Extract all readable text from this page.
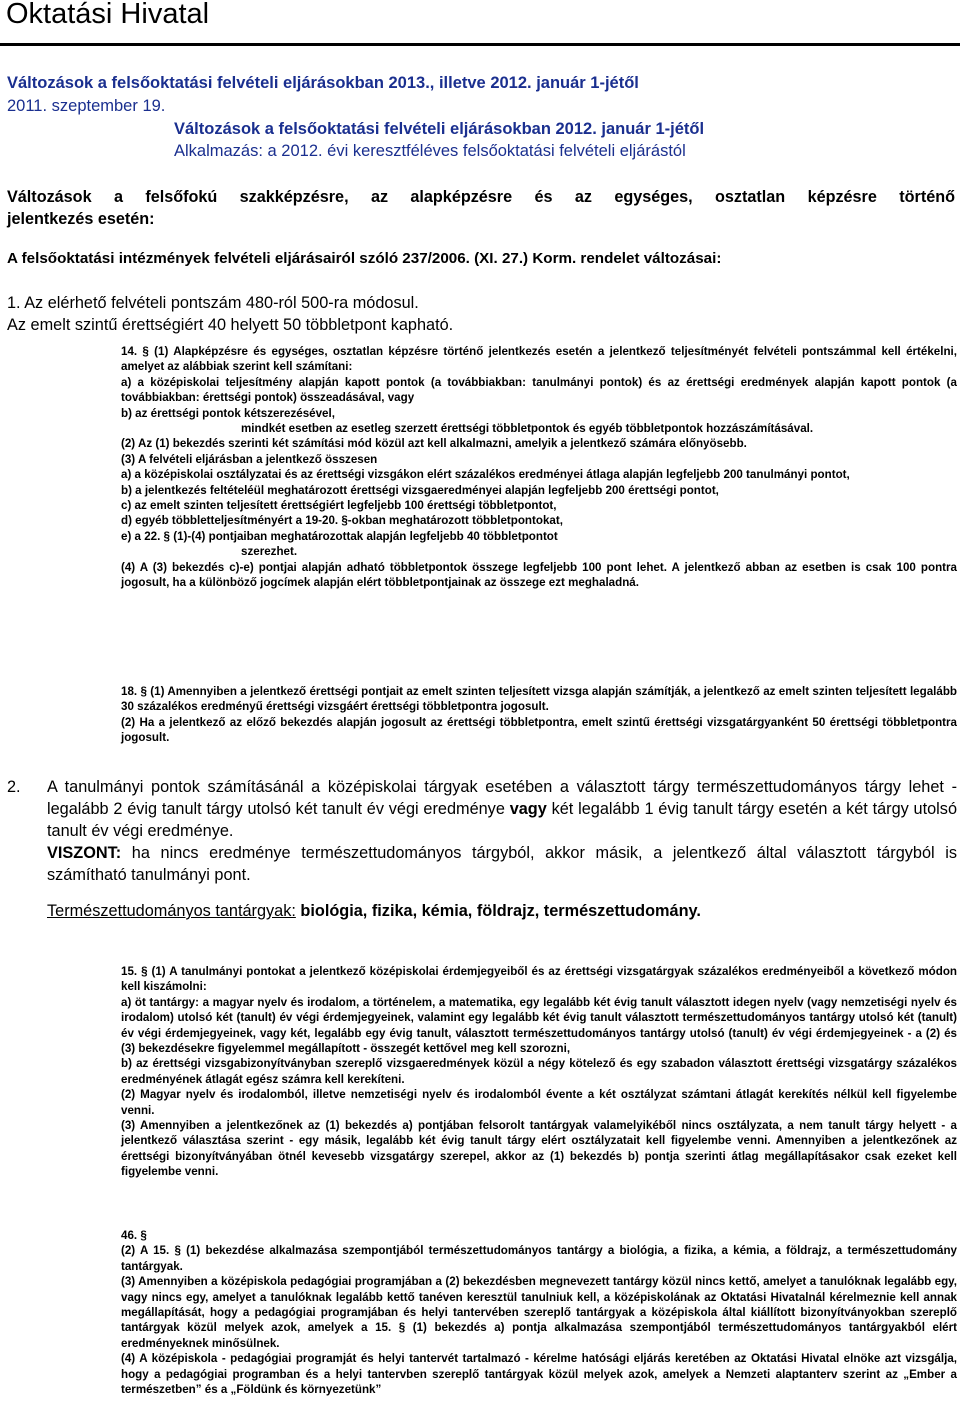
Oktatási Hivatal
Változások a felsőoktatási felvételi eljárásokban 2013., illetve 2012. január 1-jétől
2011. szeptember 19.
Változások a felsőoktatási felvételi eljárásokban 2012. január 1-jétől
Alkalmazás: a 2012. évi keresztféléves felsőoktatási felvételi eljárástól
Változások a felsőfokú szakképzésre, az alapképzésre és az egységes, osztatlan képzésre történő
jelentkezés esetén:
A felsőoktatási intézmények felvételi eljárásairól szóló 237/2006. (XI. 27.) Korm. rendelet változásai:
1. Az elérhető felvételi pontszám 480-ról 500-ra módosul.
Az emelt szintű érettségiért 40 helyett 50 többletpont kapható.
14. § (1) Alapképzésre és egységes, osztatlan képzésre történő jelentkezés esetén a jelentkező teljesítményét felvételi pontszámmal kell értékelni, amelyet az alábbiak szerint kell számítani:
a) a középiskolai teljesítmény alapján kapott pontok (a továbbiakban: tanulmányi pontok) és az érettségi eredmények alapján kapott pontok (a továbbiakban: érettségi pontok) összeadásával, vagy
b) az érettségi pontok kétszerezésével,
mindkét esetben az esetleg szerzett érettségi többletpontok és egyéb többletpontok hozzászámításával.
(2) Az (1) bekezdés szerinti két számítási mód közül azt kell alkalmazni, amelyik a jelentkező számára előnyösebb.
(3) A felvételi eljárásban a jelentkező összesen
a) a középiskolai osztályzatai és az érettségi vizsgákon elért százalékos eredményei átlaga alapján legfeljebb 200 tanulmányi pontot,
b) a jelentkezés feltételéül meghatározott érettségi vizsgaeredményei alapján legfeljebb 200 érettségi pontot,
c) az emelt szinten teljesített érettségiért legfeljebb 100 érettségi többletpontot,
d) egyéb többletteljesítményért a 19-20. §-okban meghatározott többletpontokat,
e) a 22. § (1)-(4) pontjaiban meghatározottak alapján legfeljebb 40 többletpontot
szerezhet.
(4) A (3) bekezdés c)-e) pontjai alapján adható többletpontok összege legfeljebb 100 pont lehet. A jelentkező abban az esetben is csak 100 pontra jogosult, ha a különböző jogcímek alapján elért többletpontjainak az összege ezt meghaladná.
18. § (1) Amennyiben a jelentkező érettségi pontjait az emelt szinten teljesített vizsga alapján számítják, a jelentkező az emelt szinten teljesített legalább 30 százalékos eredményű érettségi vizsgáért érettségi többletpontra jogosult.
(2) Ha a jelentkező az előző bekezdés alapján jogosult az érettségi többletpontra, emelt szintű érettségi vizsgatárgyanként 50 érettségi többletpontra jogosult.
2.	A tanulmányi pontok számításánál a középiskolai tárgyak esetében a választott tárgy természettudományos tárgy lehet - legalább 2 évig tanult tárgy utolsó két tanult év végi eredménye vagy két legalább 1 évig tanult tárgy esetén a két tárgy utolsó tanult év végi eredménye.
VISZONT: ha nincs eredménye természettudományos tárgyból, akkor másik, a jelentkező által választott tárgyból is számítható tanulmányi pont.
Természettudományos tantárgyak: biológia, fizika, kémia, földrajz, természettudomány.
15. § (1) A tanulmányi pontokat a jelentkező középiskolai érdemjegyeiből és az érettségi vizsgatárgyak százalékos eredményeiből a következő módon kell kiszámolni:
a) öt tantárgy: a magyar nyelv és irodalom, a történelem, a matematika, egy legalább két évig tanult választott idegen nyelv (vagy nemzetiségi nyelv és irodalom) utolsó két (tanult) év végi érdemjegyeinek, valamint egy legalább két évig tanult választott természettudományos tantárgy utolsó két (tanult) év végi érdemjegyeinek, vagy két, legalább egy évig tanult, választott természettudományos tantárgy utolsó (tanult) év végi érdemjegyeinek - a (2) és (3) bekezdésekre figyelemmel megállapított - összegét kettővel meg kell szorozni,
b) az érettségi vizsgabizonyítványban szereplő vizsgaeredmények közül a négy kötelező és egy szabadon választott érettségi vizsgatárgy százalékos eredményének átlagát egész számra kell kerekíteni.
(2) Magyar nyelv és irodalomból, illetve nemzetiségi nyelv és irodalomból évente a két osztályzat számtani átlagát kerekítés nélkül kell figyelembe venni.
(3) Amennyiben a jelentkezőnek az (1) bekezdés a) pontjában felsorolt tantárgyak valamelyikéből nincs osztályzata, a nem tanult tárgy helyett - a jelentkező választása szerint - egy másik, legalább két évig tanult tárgy elért osztályzatait kell figyelembe venni. Amennyiben a jelentkezőnek az érettségi bizonyítványában ötnél kevesebb vizsgatárgy szerepel, akkor az (1) bekezdés b) pontja szerinti átlag megállapításakor csak ezeket kell figyelembe venni.
46. §
(2) A 15. § (1) bekezdése alkalmazása szempontjából természettudományos tantárgy a biológia, a fizika, a kémia, a földrajz, a természettudomány tantárgyak.
(3) Amennyiben a középiskola pedagógiai programjában a (2) bekezdésben megnevezett tantárgy közül nincs kettő, amelyet a tanulóknak legalább egy, vagy nincs egy, amelyet a tanulóknak legalább kettő tanéven keresztül tanulniuk kell, a középiskolának az Oktatási Hivatalnál kérelmeznie kell annak megállapítását, hogy a pedagógiai programjában és helyi tantervében szereplő tantárgyak a középiskola által kiállított bizonyítványokban szereplő tantárgyak közül melyek azok, amelyek a 15. § (1) bekezdés a) pontja alkalmazása szempontjából természettudományos tantárgyakból elért eredményeknek minősülnek.
(4) A középiskola - pedagógiai programját és helyi tantervét tartalmazó - kérelme hatósági eljárás keretében az Oktatási Hivatal elnöke azt vizsgálja, hogy a pedagógiai programban és a helyi tantervben szereplő tantárgyak közül melyek azok, amelyek a Nemzeti alaptanterv szerint az „Ember a természetben” és a „Földünk és környezetünk”
